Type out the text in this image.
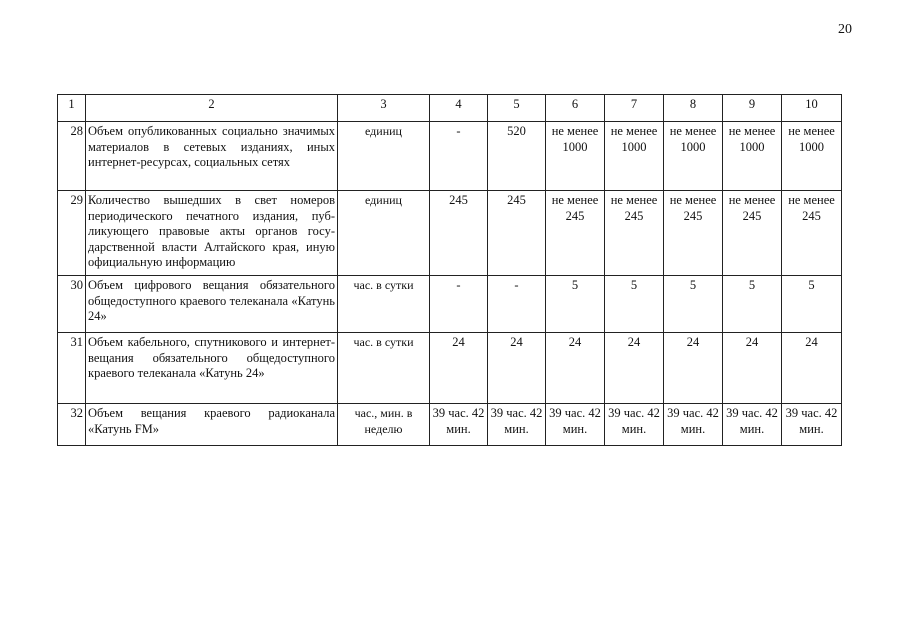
20
1	2	3	4	5	6	7	8	9	10
28	Объем опубликованных социально значимых материалов в сетевых изданиях, иных интернет-ресурсах, социальных сетях	единиц	-	520	не менее 1000	не менее 1000	не менее 1000	не менее 1000	не менее 1000
29	Количество вышедших в свет номеров периодического печатного издания, публикующего правовые акты органов государственной власти Алтайского края, иную официальную информацию	единиц	245	245	не менее 245	не менее 245	не менее 245	не менее 245	не менее 245
30	Объем цифрового вещания обязательного общедоступного краевого телеканала «Катунь 24»	час. в сутки	-	-	5	5	5	5	5
31	Объем кабельного, спутникового и интернет-вещания обязательного общедоступного краевого телеканала «Катунь 24»	час. в сутки	24	24	24	24	24	24	24
32	Объем вещания краевого радиоканала «Катунь FM»	час., мин. в неделю	39 час. 42 мин.	39 час. 42 мин.	39 час. 42 мин.	39 час. 42 мин.	39 час. 42 мин.	39 час. 42 мин.	39 час. 42 мин.
